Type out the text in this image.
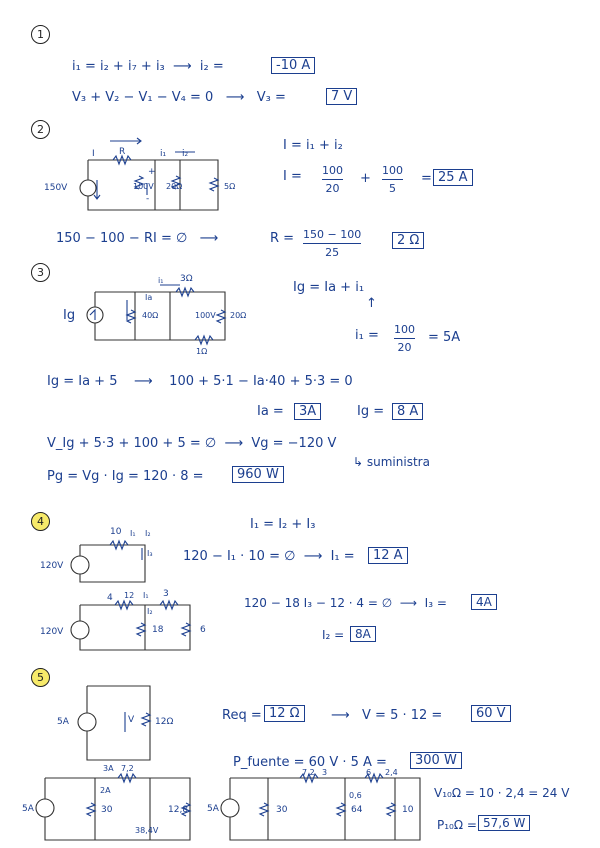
1
i₁ = i₂ + i₇ + i₃  ⟶  i₂ =	-10 A
V₃ + V₂ − V₁ − V₄ = 0   ⟶   V₃ =	7 V
2
I	R	i₁ i₂
150V
+
-
100V 20Ω	5Ω
I = i₁ + i₂
I = 100
20
+
100
5
= 25 A
150 − 100 − RI = ∅   ⟶	R = 150 − 100
25
2 Ω
3
Ig
Ia
i₁ 3Ω
40Ω	100V 20Ω
1Ω
Ig = Ia + i₁
↑
i₁ = 100
20
= 5A
Ig = Ia + 5    ⟶    100 + 5·1 − Ia·40 + 5·3 = 0
Ia =	3A	Ig = 8 A
V_Ig + 5·3 + 100 + 5 = ∅  ⟶  Vg = −120 V
↳ suministra
Pg = Vg · Ig = 120 · 8 =	960 W
4
10 I₁ I₂
I₃
120V
4 12 I₁ 3
I₂
18	6
120V
I₁ = I₂ + I₃
120 − I₁ · 10 = ∅  ⟶  I₁ =	12 A
120 − 18 I₃ − 12 · 4 = ∅  ⟶  I₃ =	4A
I₂ = 8A
5
5A	V 12Ω	Req = 12 Ω	⟶   V = 5 · 12 =	60 V
P_fuente = 60 V · 5 A =	300 W
5A
3A 7,2
2A
30	12,8
38,4V
5A
7,2 3	6 2,4
0,6
30	64	10
V₁₀Ω = 10 · 2,4 = 24 V
P₁₀Ω = 57,6 W
